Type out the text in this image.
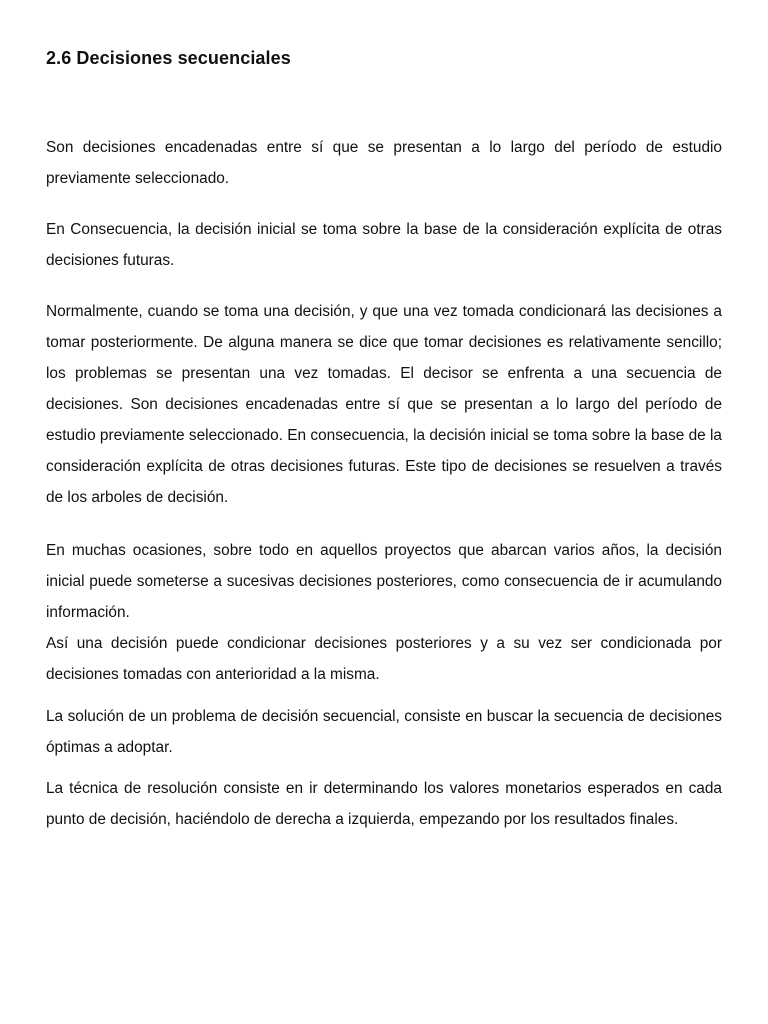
2.6 Decisiones secuenciales

Son decisiones encadenadas entre sí que se presentan a lo largo del período de estudio previamente seleccionado.

En Consecuencia, la decisión inicial se toma sobre la base de la consideración explícita de otras decisiones futuras.

Normalmente, cuando se toma una decisión, y que una vez tomada condicionará las decisiones a tomar posteriormente. De alguna manera se dice que tomar decisiones es relativamente sencillo; los problemas se presentan una vez tomadas. El decisor se enfrenta a una secuencia de decisiones. Son decisiones encadenadas entre sí que se presentan a lo largo del período de estudio previamente seleccionado. En consecuencia, la decisión inicial se toma sobre la base de la consideración explícita de otras decisiones futuras. Este tipo de decisiones se resuelven a través de los arboles de decisión.

En muchas ocasiones, sobre todo en aquellos proyectos que abarcan varios años, la decisión inicial puede someterse a sucesivas decisiones posteriores, como consecuencia de ir acumulando información.

Así una decisión puede condicionar decisiones posteriores y a su vez ser condicionada por decisiones tomadas con anterioridad a la misma.

La solución de un problema de decisión secuencial, consiste en buscar la secuencia de decisiones óptimas a adoptar.

La técnica de resolución consiste en ir determinando los valores monetarios esperados en cada punto de decisión, haciéndolo de derecha a izquierda, empezando por los resultados finales.
